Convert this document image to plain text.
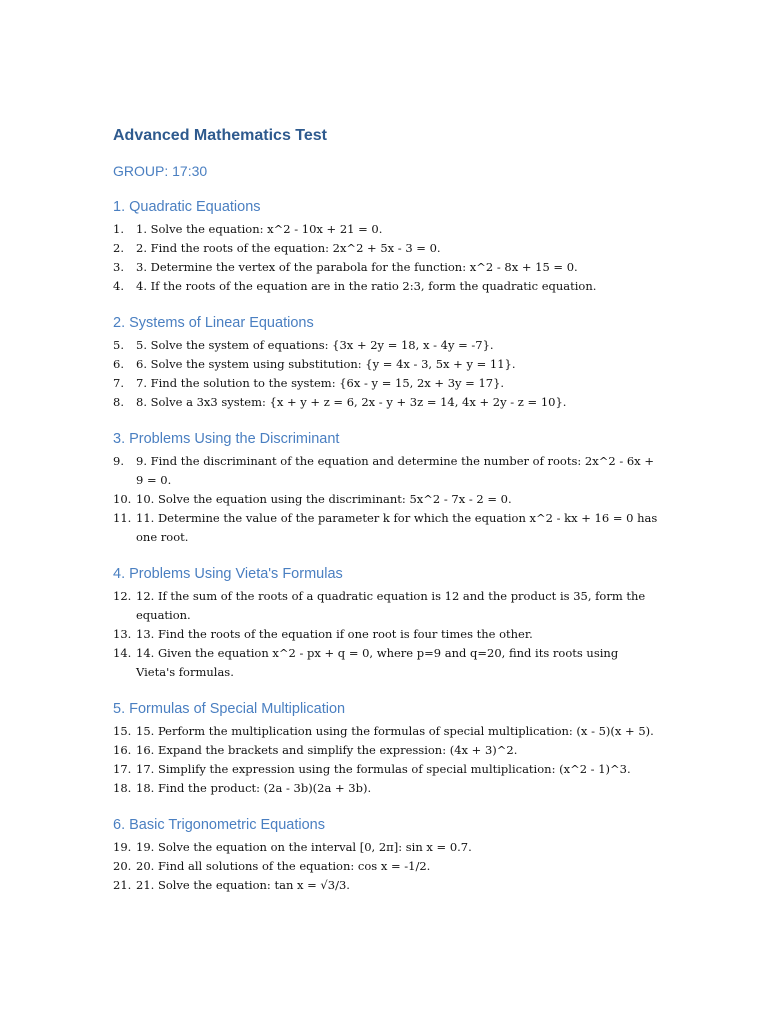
Advanced Mathematics Test
GROUP: 17:30
1. Quadratic Equations
1.	1. Solve the equation: x^2 - 10x + 21 = 0.
2.	2. Find the roots of the equation: 2x^2 + 5x - 3 = 0.
3.	3. Determine the vertex of the parabola for the function: x^2 - 8x + 15 = 0.
4.	4. If the roots of the equation are in the ratio 2:3, form the quadratic equation.
2. Systems of Linear Equations
5.	5. Solve the system of equations: {3x + 2y = 18, x - 4y = -7}.
6.	6. Solve the system using substitution: {y = 4x - 3, 5x + y = 11}.
7.	7. Find the solution to the system: {6x - y = 15, 2x + 3y = 17}.
8.	8. Solve a 3x3 system: {x + y + z = 6, 2x - y + 3z = 14, 4x + 2y - z = 10}.
3. Problems Using the Discriminant
9.	9. Find the discriminant of the equation and determine the number of roots: 2x^2 - 6x + 9 = 0.
10. 10. Solve the equation using the discriminant: 5x^2 - 7x - 2 = 0.
11. 11. Determine the value of the parameter k for which the equation x^2 - kx + 16 = 0 has one root.
4. Problems Using Vieta's Formulas
12. 12. If the sum of the roots of a quadratic equation is 12 and the product is 35, form the equation.
13. 13. Find the roots of the equation if one root is four times the other.
14. 14. Given the equation x^2 - px + q = 0, where p=9 and q=20, find its roots using Vieta's formulas.
5. Formulas of Special Multiplication
15. 15. Perform the multiplication using the formulas of special multiplication: (x - 5)(x + 5).
16. 16. Expand the brackets and simplify the expression: (4x + 3)^2.
17. 17. Simplify the expression using the formulas of special multiplication: (x^2 - 1)^3.
18. 18. Find the product: (2a - 3b)(2a + 3b).
6. Basic Trigonometric Equations
19. 19. Solve the equation on the interval [0, 2π]: sin x = 0.7.
20. 20. Find all solutions of the equation: cos x = -1/2.
21. 21. Solve the equation: tan x = √3/3.
